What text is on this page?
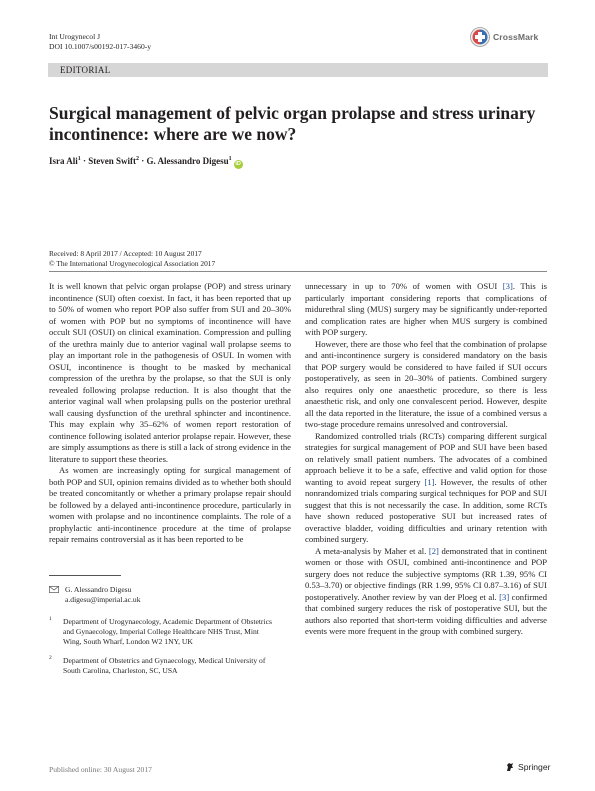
Int Urogynecol J
DOI 10.1007/s00192-017-3460-y
CrossMark
EDITORIAL
Surgical management of pelvic organ prolapse and stress urinary incontinence: where are we now?
Isra Ali$^1$ · Steven Swift$^2$ · G. Alessandro Digesu$^1$iD
Received: 8 April 2017 / Accepted: 10 August 2017
© The International Urogynecological Association 2017

It is well known that pelvic organ prolapse (POP) and stress urinary incontinence (SUI) often coexist. In fact, it has been reported that up to 50% of women who report POP also suffer from SUI and 20–30% of women with POP but no symptoms of incontinence will have occult SUI (OSUI) on clinical examination. Compression and pulling of the urethra mainly due to anterior vaginal wall prolapse seems to play an important role in the pathogenesis of OSUI. In women with OSUI, incontinence is thought to be masked by mechanical compression of the urethra by the prolapse, so that the SUI is only revealed following prolapse reduction. It is also thought that the anterior vaginal wall when prolapsing pulls on the posterior urethral wall causing dysfunction of the urethral sphincter and incontinence. This may explain why 35–62% of women report restoration of continence following isolated anterior prolapse repair. However, these are simply assumptions as there is still a lack of strong evidence in the literature to support these theories.

As women are increasingly opting for surgical management of both POP and SUI, opinion remains divided as to whether both should be treated concomitantly or whether a primary prolapse repair should be followed by a delayed anti-incontinence procedure, particularly in women with prolapse and no incontinence complaints. The role of a prophylactic anti-incontinence procedure at the time of prolapse repair remains controversial as it has been reported to be

unnecessary in up to 70% of women with OSUI [3]. This is particularly important considering reports that complications of midurethral sling (MUS) surgery may be significantly under-reported and complication rates are higher when MUS surgery is combined with POP surgery.

However, there are those who feel that the combination of prolapse and anti-incontinence surgery is considered mandatory on the basis that POP surgery would be considered to have failed if SUI occurs postoperatively, as seen in 20–30% of patients. Combined surgery also requires only one anaesthetic procedure, so there is less anaesthetic risk, and only one convalescent period. However, despite all the data reported in the literature, the issue of a combined versus a two-stage procedure remains unresolved and controversial.

Randomized controlled trials (RCTs) comparing different surgical strategies for surgical management of POP and SUI have been based on relatively small patient numbers. The advocates of a combined approach believe it to be a safe, effective and valid option for those wanting to avoid repeat surgery [1]. However, the results of other nonrandomized trials comparing surgical techniques for POP and SUI suggest that this is not necessarily the case. In addition, some RCTs have shown reduced postoperative SUI but increased rates of overactive bladder, voiding difficulties and urinary retention with combined surgery.

A meta-analysis by Maher et al. [2] demonstrated that in continent women or those with OSUI, combined anti-incontinence and POP surgery does not reduce the subjective symptoms (RR 1.39, 95% CI 0.53–3.70) or objective findings (RR 1.99, 95% CI 0.87–3.16) of SUI postoperatively. Another review by van der Ploeg et al. [3] confirmed that combined surgery reduces the risk of postoperative SUI, but the authors also reported that short-term voiding difficulties and adverse events were more frequent in the group with combined surgery.

G. Alessandro Digesu
a.digesu@imperial.ac.uk
1 Department of Urogynaecology, Academic Department of Obstetrics and Gynaecology, Imperial College Healthcare NHS Trust, Mint Wing, South Wharf, London W2 1NY, UK
2 Department of Obstetrics and Gynaecology, Medical University of South Carolina, Charleston, SC, USA
Published online: 30 August 2017	Springer
